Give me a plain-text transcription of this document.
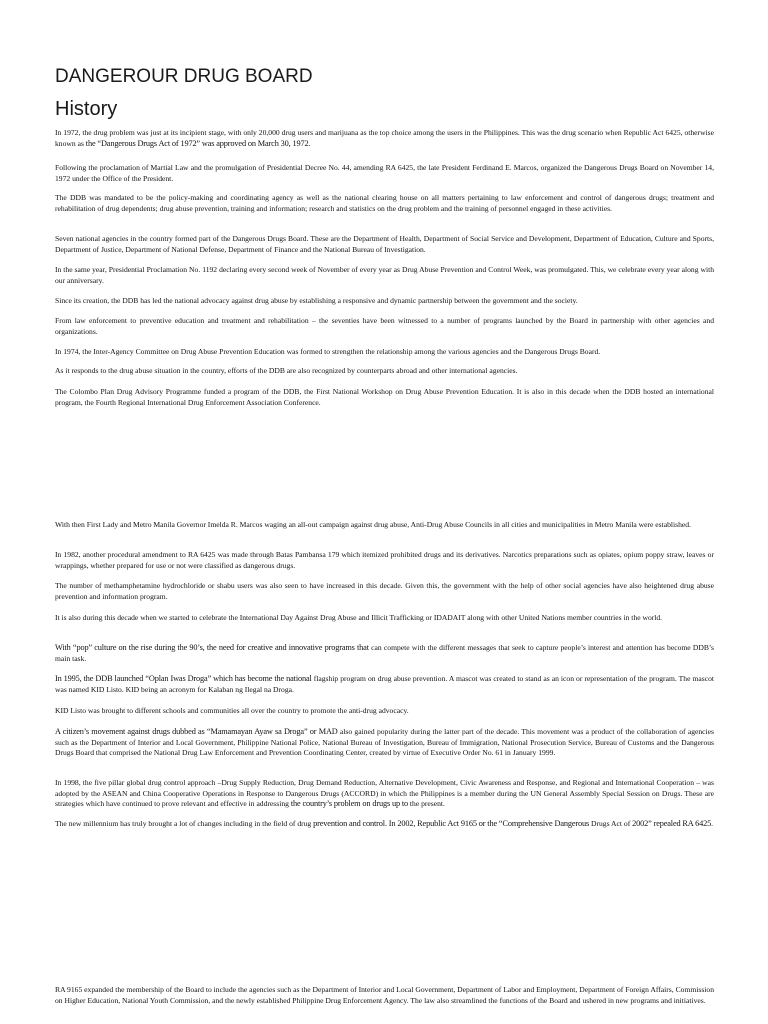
DANGEROUR DRUG BOARD
History

In 1972, the drug problem was just at its incipient stage, with only 20,000 drug users and marijuana as the top choice among the users in the Philippines. This was the drug scenario when Republic Act 6425, otherwise known as the “Dangerous Drugs Act of 1972” was approved on March 30, 1972.

Following the proclamation of Martial Law and the promulgation of Presidential Decree No. 44, amending RA 6425, the late President Ferdinand E. Marcos, organized the Dangerous Drugs Board on November 14, 1972 under the Office of the President.

The DDB was mandated to be the policy-making and coordinating agency as well as the national clearing house on all matters pertaining to law enforcement and control of dangerous drugs; treatment and rehabilitation of drug dependents; drug abuse prevention, training and information; research and statistics on the drug problem and the training of personnel engaged in these activities.

Seven national agencies in the country formed part of the Dangerous Drugs Board. These are the Department of Health, Department of Social Service and Development, Department of Education, Culture and Sports, Department of Justice, Department of National Defense, Department of Finance and the National Bureau of Investigation.

In the same year, Presidential Proclamation No. 1192 declaring every second week of November of every year as Drug Abuse Prevention and Control Week, was promulgated. This, we celebrate every year along with our anniversary.

Since its creation, the DDB has led the national advocacy against drug abuse by establishing a responsive and dynamic partnership between the government and the society.

From law enforcement to preventive education and treatment and rehabilitation – the seventies have been witnessed to a number of programs launched by the Board in partnership with other agencies and organizations.

In 1974, the Inter-Agency Committee on Drug Abuse Prevention Education was formed to strengthen the relationship among the various agencies and the Dangerous Drugs Board.

As it responds to the drug abuse situation in the country, efforts of the DDB are also recognized by counterparts abroad and other international agencies.

The Colombo Plan Drug Advisory Programme funded a program of the DDB, the First National Workshop on Drug Abuse Prevention Education. It is also in this decade when the DDB hosted an international program, the Fourth Regional International Drug Enforcement Association Conference.

With then First Lady and Metro Manila Governor Imelda R. Marcos waging an all-out campaign against drug abuse, Anti-Drug Abuse Councils in all cities and municipalities in Metro Manila were established.

In 1982, another procedural amendment to RA 6425 was made through Batas Pambansa 179 which itemized prohibited drugs and its derivatives. Narcotics preparations such as opiates, opium poppy straw, leaves or wrappings, whether prepared for use or not were classified as dangerous drugs.

The number of methamphetamine hydrochloride or shabu users was also seen to have increased in this decade. Given this, the government with the help of other social agencies have also heightened drug abuse prevention and information program.

It is also during this decade when we started to celebrate the International Day Against Drug Abuse and Illicit Trafficking or IDADAIT along with other United Nations member countries in the world.

With “pop” culture on the rise during the 90’s, the need for creative and innovative programs that can compete with the different messages that seek to capture people’s interest and attention has become DDB’s main task.

In 1995, the DDB launched “Oplan Iwas Droga” which has become the national flagship program on drug abuse prevention. A mascot was created to stand as an icon or representation of the program. The mascot was named KID Listo. KID being an acronym for Kalaban ng Ilegal na Droga.

KID Listo was brought to different schools and communities all over the country to promote the anti-drug advocacy.

A citizen’s movement against drugs dubbed as “Mamamayan Ayaw sa Droga” or MAD also gained popularity during the latter part of the decade. This movement was a product of the collaboration of agencies such as the Department of Interior and Local Government, Philippine National Police, National Bureau of Investigation, Bureau of Immigration, National Prosecution Service, Bureau of Customs and the Dangerous Drugs Board that comprised the National Drug Law Enforcement and Prevention Coordinating Center, created by virtue of Executive Order No. 61 in January 1999.

In 1998, the five pillar global drug control approach –Drug Supply Reduction, Drug Demand Reduction, Alternative Development, Civic Awareness and Response, and Regional and International Cooperation – was adopted by the ASEAN and China Cooperative Operations in Response to Dangerous Drugs (ACCORD) in which the Philippines is a member during the UN General Assembly Special Session on Drugs. These are strategies which have continued to prove relevant and effective in addressing the country’s problem on drugs up to the present.

The new millennium has truly brought a lot of changes including in the field of drug prevention and control. In 2002, Republic Act 9165 or the “Comprehensive Dangerous Drugs Act of 2002” repealed RA 6425.

RA 9165 expanded the membership of the Board to include the agencies such as the Department of Interior and Local Government, Department of Labor and Employment, Department of Foreign Affairs, Commission on Higher Education, National Youth Commission, and the newly established Philippine Drug Enforcement Agency. The law also streamlined the functions of the Board and ushered in new programs and initiatives.
